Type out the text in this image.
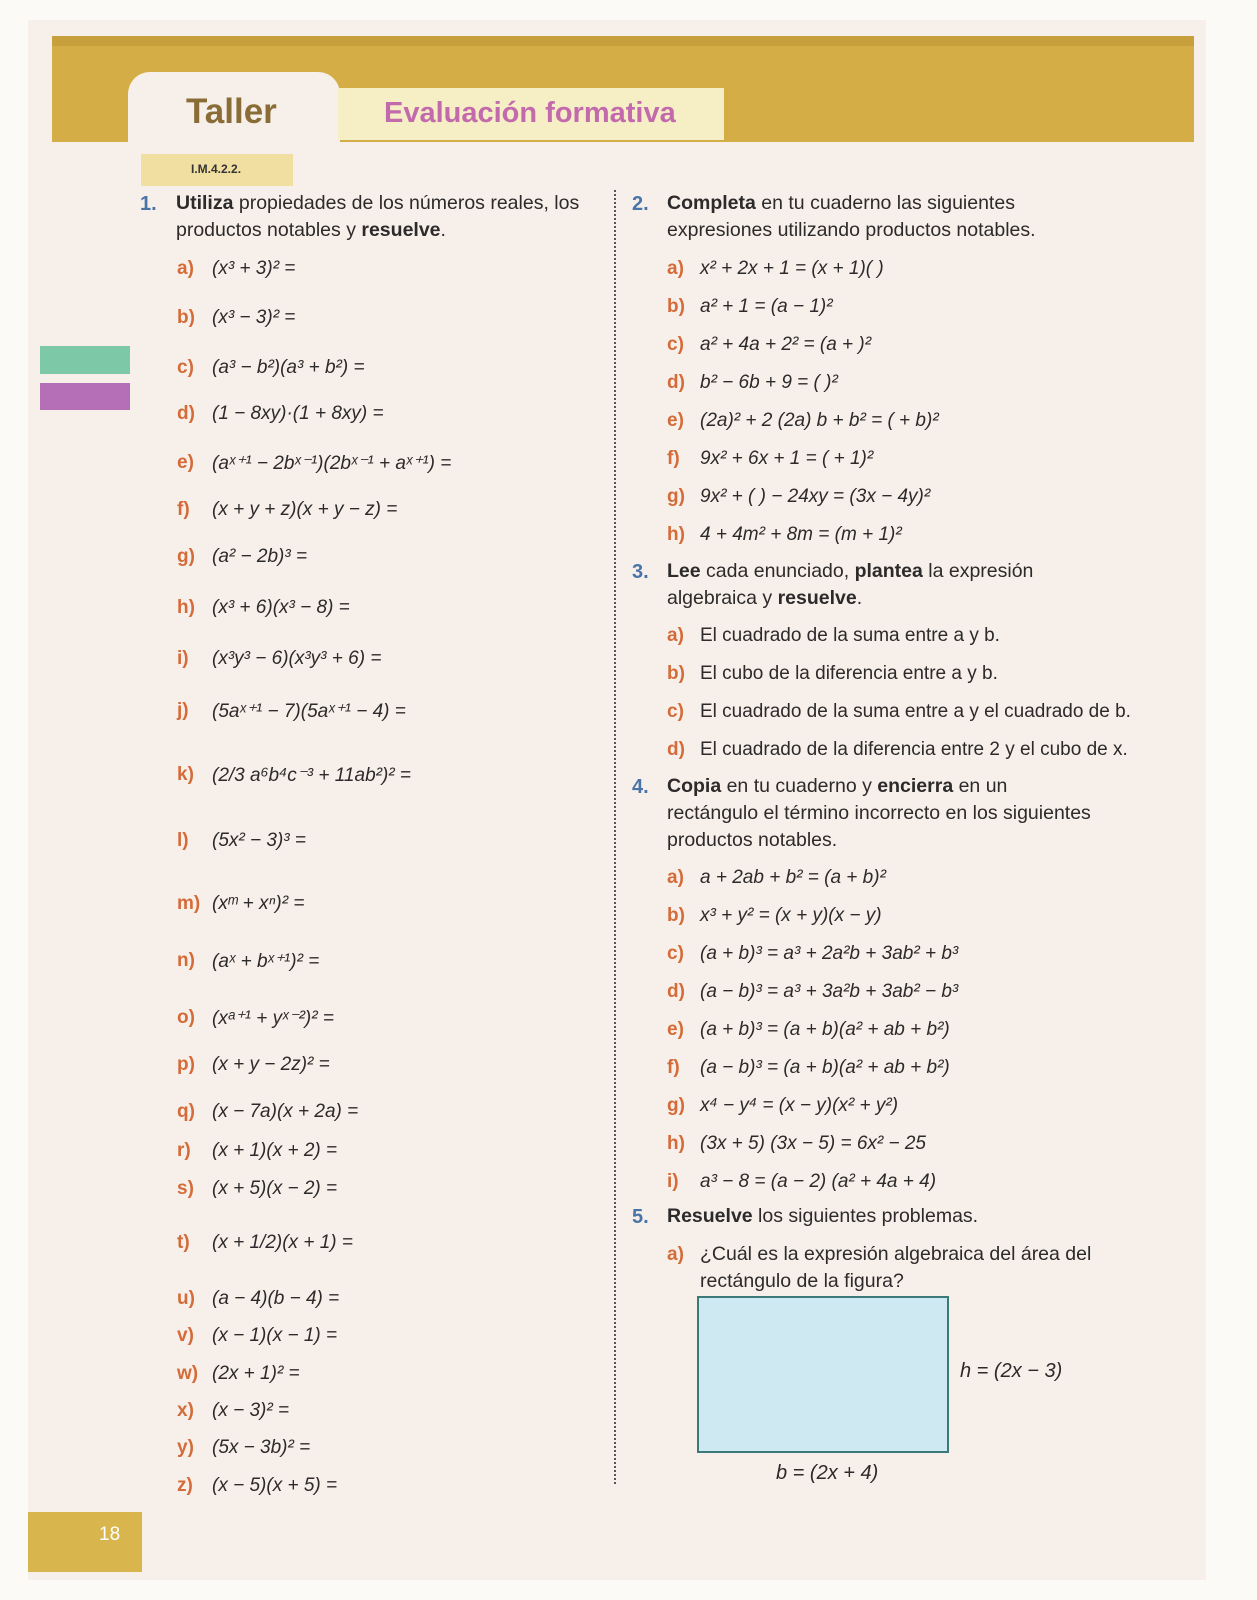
Taller	Evaluación formativa
I.M.4.2.2.
18
1. Utiliza propiedades de los números reales, los productos notables y resuelve.
a) (x³ + 3)² =
b) (x³ − 3)² =
c) (a³ − b²)(a³ + b²) =
d) (1 − 8xy)·(1 + 8xy) =
e) (aˣ⁺¹ − 2bˣ⁻¹)(2bˣ⁻¹ + aˣ⁺¹) =
f) (x + y + z)(x + y − z) =
g) (a² − 2b)³ =
h) (x³ + 6)(x³ − 8) =
i) (x³y³ − 6)(x³y³ + 6) =
j) (5aˣ⁺¹ − 7)(5aˣ⁺¹ − 4) =
k) (2/3 a⁶b⁴c⁻³ + 11ab²)² =
l) (5x² − 3)³ =
m) (xᵐ + xⁿ)² =
n) (aˣ + bˣ⁺¹)² =
o) (xᵃ⁺¹ + yˣ⁻²)² =
p) (x + y − 2z)² =
q) (x − 7a)(x + 2a) =
r) (x + 1)(x + 2) =
s) (x + 5)(x − 2) =
t) (x + 1/2)(x + 1) =
u) (a − 4)(b − 4) =
v) (x − 1)(x − 1) =
w) (2x + 1)² =
x) (x − 3)² =
y) (5x − 3b)² =
z) (x − 5)(x + 5) =
2. Completa en tu cuaderno las siguientes expresiones utilizando productos notables.
a) x² + 2x + 1 = (x + 1)( )
b) a² + 1 = (a − 1)²
c) a² + 4a + 2² = (a + )²
d) b² − 6b + 9 = ( )²
e) (2a)² + 2 (2a) b + b² = ( + b)²
f) 9x² + 6x + 1 = ( + 1)²
g) 9x² + ( ) − 24xy = (3x − 4y)²
h) 4 + 4m² + 8m = (m + 1)²
3. Lee cada enunciado, plantea la expresión algebraica y resuelve.
a) El cuadrado de la suma entre a y b.
b) El cubo de la diferencia entre a y b.
c) El cuadrado de la suma entre a y el cuadrado de b.
d) El cuadrado de la diferencia entre 2 y el cubo de x.
4. Copia en tu cuaderno y encierra en un rectángulo el término incorrecto en los siguientes productos notables.
a) a + 2ab + b² = (a + b)²
b) x³ + y² = (x + y)(x − y)
c) (a + b)³ = a³ + 2a²b + 3ab² + b³
d) (a − b)³ = a³ + 3a²b + 3ab² − b³
e) (a + b)³ = (a + b)(a² + ab + b²)
f) (a − b)³ = (a + b)(a² + ab + b²)
g) x⁴ − y⁴ = (x − y)(x² + y²)
h) (3x + 5) (3x − 5) = 6x² − 25
i) a³ − 8 = (a − 2) (a² + 4a + 4)
5. Resuelve los siguientes problemas.
a) ¿Cuál es la expresión algebraica del área del rectángulo de la figura?
h = (2x − 3)
b = (2x + 4)
